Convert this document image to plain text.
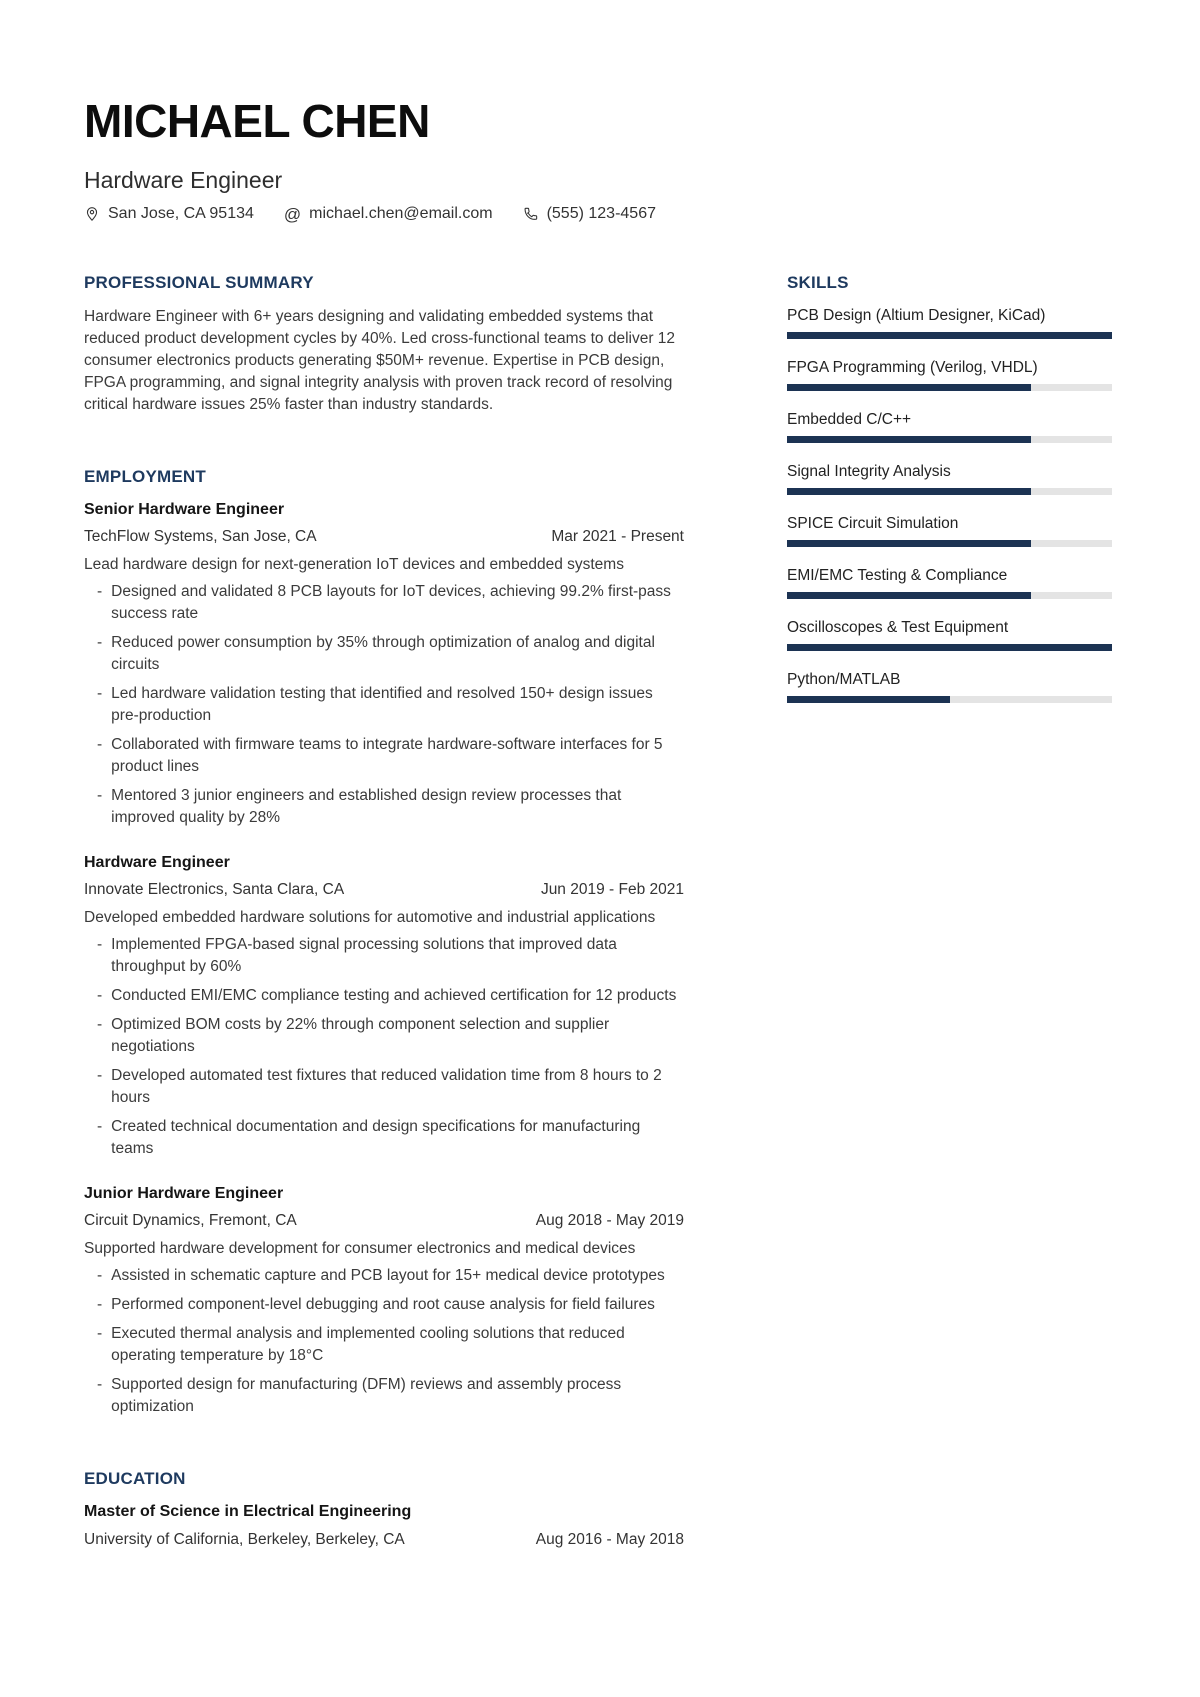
MICHAEL CHEN
Hardware Engineer
San Jose, CA 95134 @ michael.chen@email.com	(555) 123-4567
PROFESSIONAL SUMMARY

Hardware Engineer with 6+ years designing and validating embedded systems that reduced product development cycles by 40%. Led cross-functional teams to deliver 12 consumer electronics products generating $50M+ revenue. Expertise in PCB design, FPGA programming, and signal integrity analysis with proven track record of resolving critical hardware issues 25% faster than industry standards.

EMPLOYMENT
Senior Hardware Engineer
TechFlow Systems, San Jose, CA	Mar 2021 - Present

Lead hardware design for next-generation IoT devices and embedded systems

- Designed and validated 8 PCB layouts for IoT devices, achieving 99.2% first-pass success rate
- Reduced power consumption by 35% through optimization of analog and digital circuits
- Led hardware validation testing that identified and resolved 150+ design issues pre-production
- Collaborated with firmware teams to integrate hardware-software interfaces for 5 product lines
- Mentored 3 junior engineers and established design review processes that improved quality by 28%
Hardware Engineer
Innovate Electronics, Santa Clara, CA	Jun 2019 - Feb 2021

Developed embedded hardware solutions for automotive and industrial applications

- Implemented FPGA-based signal processing solutions that improved data throughput by 60%
- Conducted EMI/EMC compliance testing and achieved certification for 12 products
- Optimized BOM costs by 22% through component selection and supplier negotiations
- Developed automated test fixtures that reduced validation time from 8 hours to 2 hours
- Created technical documentation and design specifications for manufacturing teams
Junior Hardware Engineer
Circuit Dynamics, Fremont, CA	Aug 2018 - May 2019

Supported hardware development for consumer electronics and medical devices

- Assisted in schematic capture and PCB layout for 15+ medical device prototypes
- Performed component-level debugging and root cause analysis for field failures
- Executed thermal analysis and implemented cooling solutions that reduced operating temperature by 18°C
- Supported design for manufacturing (DFM) reviews and assembly process optimization
EDUCATION
Master of Science in Electrical Engineering
University of California, Berkeley, Berkeley, CA	Aug 2016 - May 2018
SKILLS
PCB Design (Altium Designer, KiCad)
FPGA Programming (Verilog, VHDL)
Embedded C/C++
Signal Integrity Analysis
SPICE Circuit Simulation
EMI/EMC Testing & Compliance
Oscilloscopes & Test Equipment
Python/MATLAB
